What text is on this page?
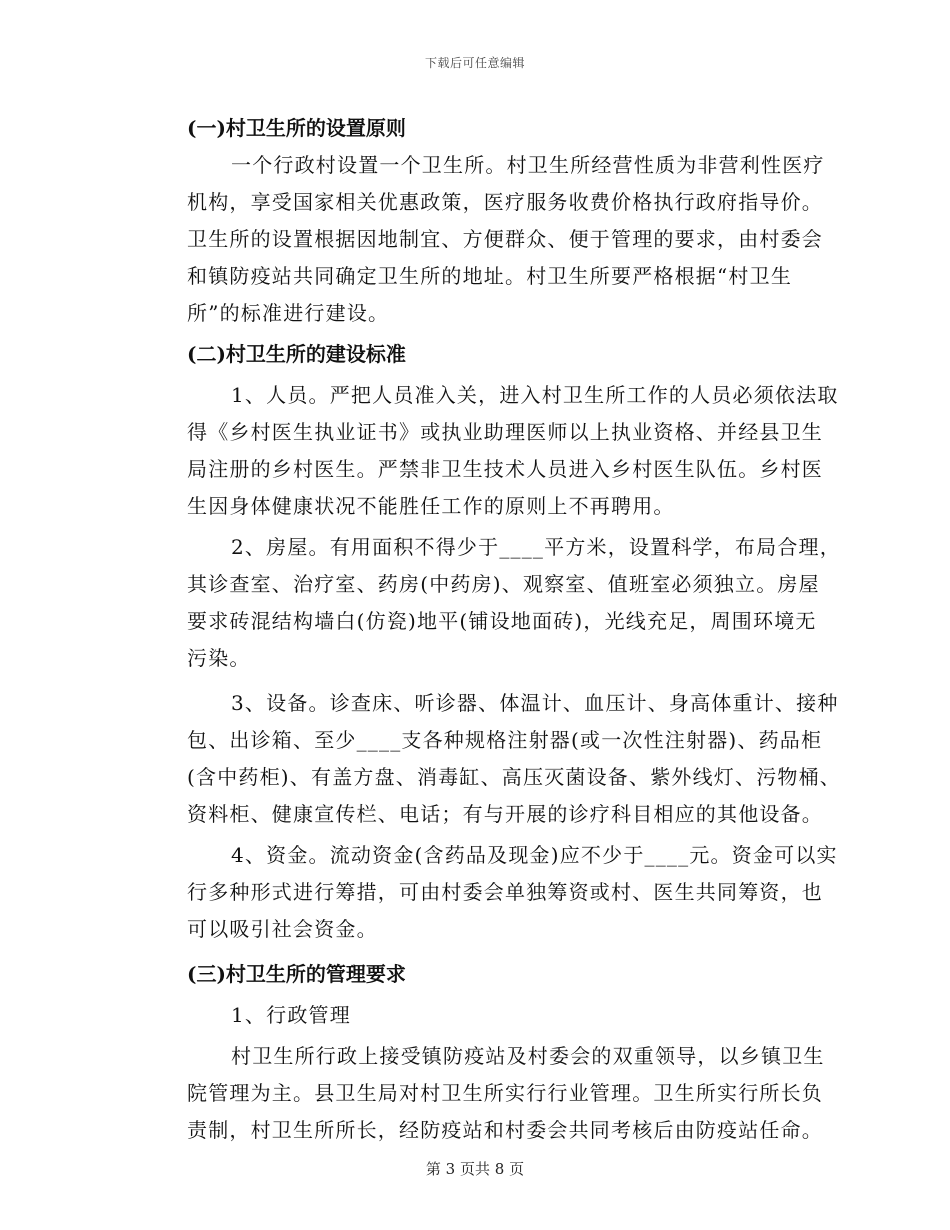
下载后可任意编辑
(一)村卫生所的设置原则
一个行政村设置一个卫生所。村卫生所经营性质为非营利性医疗
机构，享受国家相关优惠政策，医疗服务收费价格执行政府指导价。
卫生所的设置根据因地制宜、方便群众、便于管理的要求，由村委会
和镇防疫站共同确定卫生所的地址。村卫生所要严格根据“村卫生
所”的标准进行建设。
(二)村卫生所的建设标准
1、人员。严把人员准入关，进入村卫生所工作的人员必须依法取
得《乡村医生执业证书》或执业助理医师以上执业资格、并经县卫生
局注册的乡村医生。严禁非卫生技术人员进入乡村医生队伍。乡村医
生因身体健康状况不能胜任工作的原则上不再聘用。
2、房屋。有用面积不得少于____平方米，设置科学，布局合理，
其诊查室、治疗室、药房(中药房)、观察室、值班室必须独立。房屋
要求砖混结构墙白(仿瓷)地平(铺设地面砖)，光线充足，周围环境无
污染。
3、设备。诊查床、听诊器、体温计、血压计、身高体重计、接种
包、出诊箱、至少____支各种规格注射器(或一次性注射器)、药品柜
(含中药柜)、有盖方盘、消毒缸、高压灭菌设备、紫外线灯、污物桶、
资料柜、健康宣传栏、电话；有与开展的诊疗科目相应的其他设备。
4、资金。流动资金(含药品及现金)应不少于____元。资金可以实
行多种形式进行筹措，可由村委会单独筹资或村、医生共同筹资，也
可以吸引社会资金。
(三)村卫生所的管理要求
1、行政管理
村卫生所行政上接受镇防疫站及村委会的双重领导，以乡镇卫生
院管理为主。县卫生局对村卫生所实行行业管理。卫生所实行所长负
责制，村卫生所所长，经防疫站和村委会共同考核后由防疫站任命。
第 3 页共 8 页
